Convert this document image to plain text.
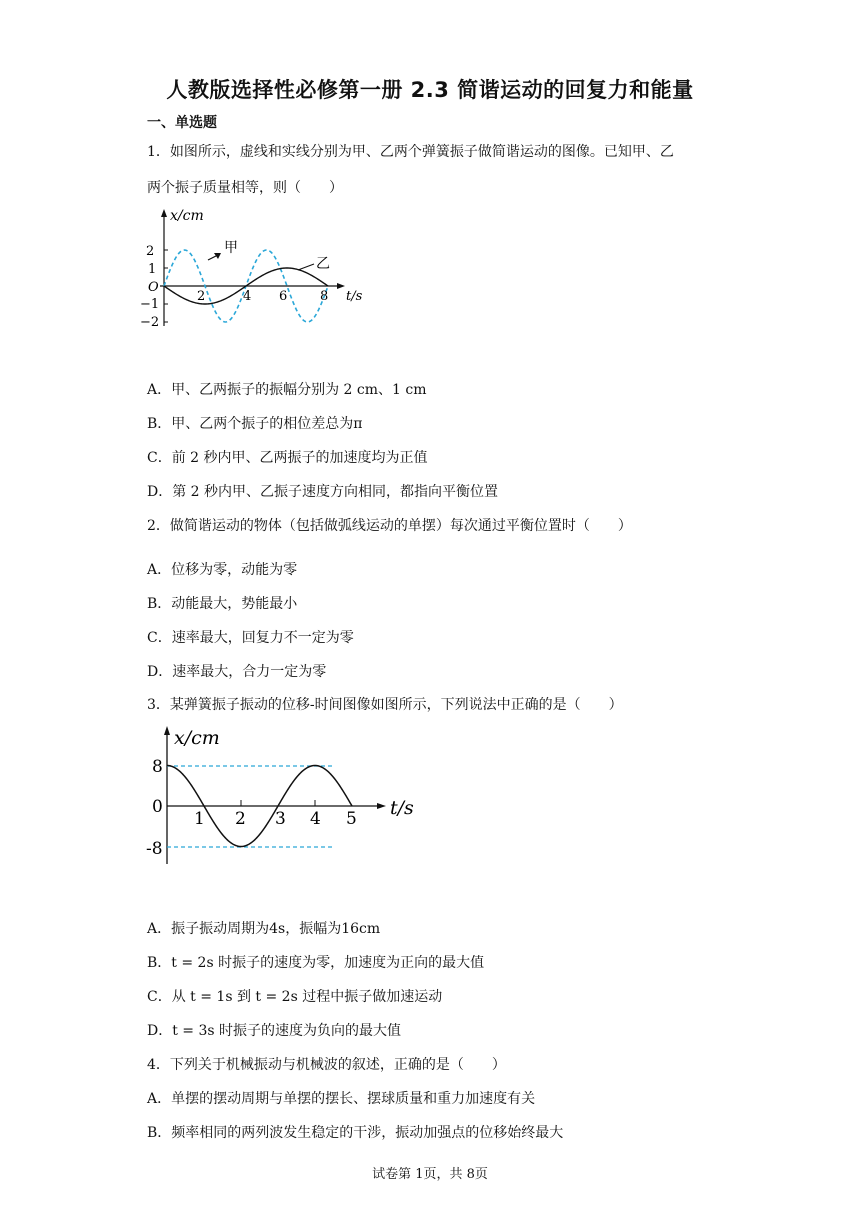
人教版选择性必修第一册 2.3 简谐运动的回复力和能量
一、单选题
1．如图所示，虚线和实线分别为甲、乙两个弹簧振子做简谐运动的图像。已知甲、乙
两个振子质量相等，则（　　）
x/cm
2
1
O
−1
−2
2	4 6	8 t/s
甲
乙
A．甲、乙两振子的振幅分别为 2 cm、1 cm
B．甲、乙两个振子的相位差总为π
C．前 2 秒内甲、乙两振子的加速度均为正值
D．第 2 秒内甲、乙振子速度方向相同，都指向平衡位置
2．做简谐运动的物体（包括做弧线运动的单摆）每次通过平衡位置时（　　）
A．位移为零，动能为零
B．动能最大，势能最小
C．速率最大，回复力不一定为零
D．速率最大，合力一定为零
3．某弹簧振子振动的位移-时间图像如图所示，下列说法中正确的是（　　）
x/cm
8
0
-8
1 2 3 4 5 t/s
A．振子振动周期为4s，振幅为16cm
B．t = 2s 时振子的速度为零，加速度为正向的最大值
C．从 t = 1s 到 t = 2s 过程中振子做加速运动
D．t = 3s 时振子的速度为负向的最大值
4．下列关于机械振动与机械波的叙述，正确的是（　　）
A．单摆的摆动周期与单摆的摆长、摆球质量和重力加速度有关
B．频率相同的两列波发生稳定的干涉，振动加强点的位移始终最大
试卷第 1页，共 8页
